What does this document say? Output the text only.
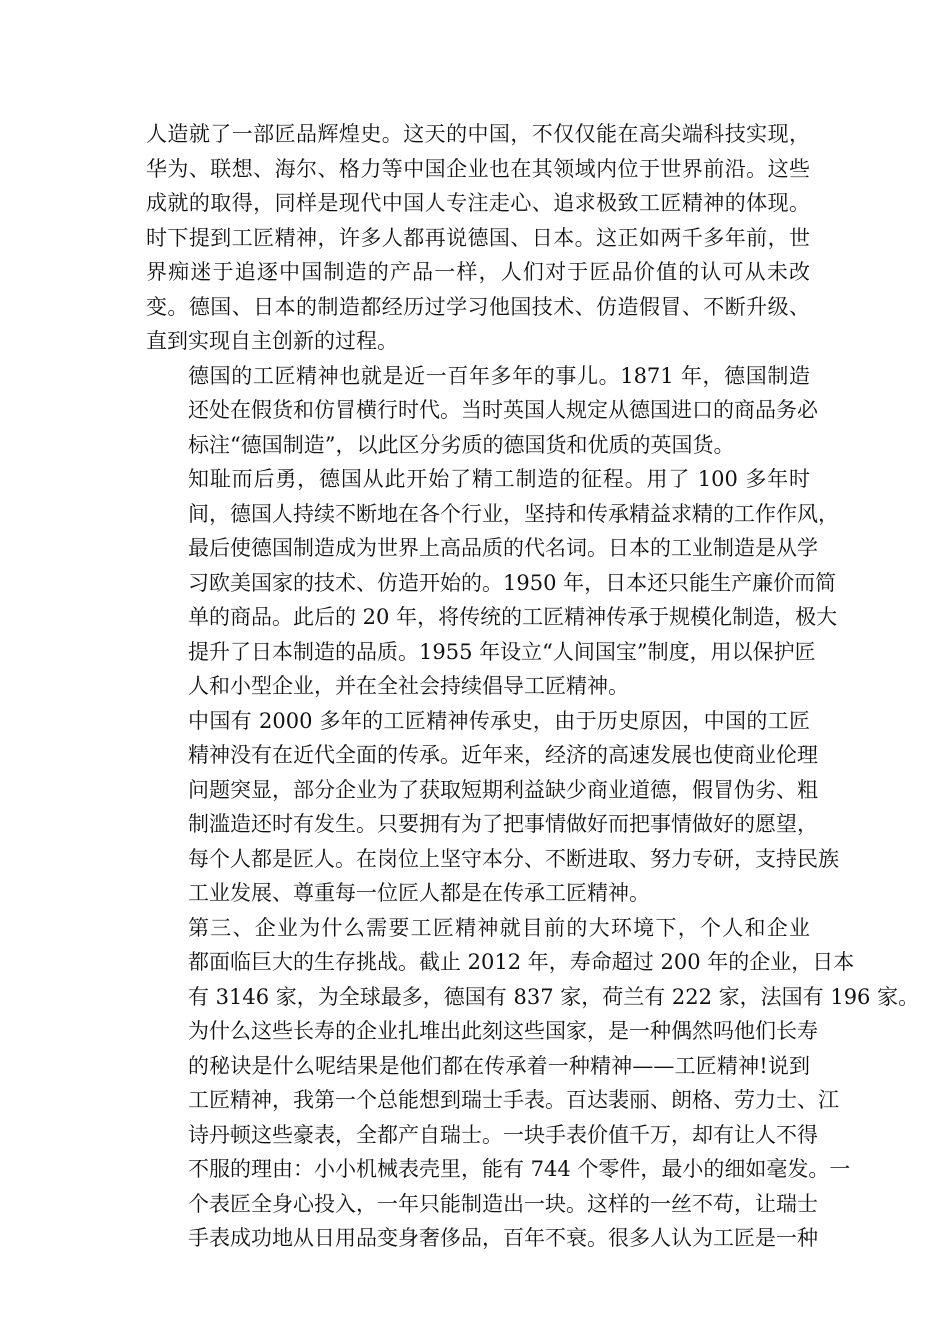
人造就了一部匠品辉煌史。这天的中国，不仅仅能在高尖端科技实现，
华为、联想、海尔、格力等中国企业也在其领域内位于世界前沿。这些
成就的取得，同样是现代中国人专注走心、追求极致工匠精神的体现。
时下提到工匠精神，许多人都再说德国、日本。这正如两千多年前，世
界痴迷于追逐中国制造的产品一样，人们对于匠品价值的认可从未改
变。德国、日本的制造都经历过学习他国技术、仿造假冒、不断升级、
直到实现自主创新的过程。

德国的工匠精神也就是近一百年多年的事儿。1871 年，德国制造
还处在假货和仿冒横行时代。当时英国人规定从德国进口的商品务必
标注“德国制造”，以此区分劣质的德国货和优质的英国货。

知耻而后勇，德国从此开始了精工制造的征程。用了 100 多年时
间，德国人持续不断地在各个行业，坚持和传承精益求精的工作作风，
最后使德国制造成为世界上高品质的代名词。日本的工业制造是从学
习欧美国家的技术、仿造开始的。1950 年，日本还只能生产廉价而简
单的商品。此后的 20 年，将传统的工匠精神传承于规模化制造，极大
提升了日本制造的品质。1955 年设立“人间国宝”制度，用以保护匠
人和小型企业，并在全社会持续倡导工匠精神。

中国有 2000 多年的工匠精神传承史，由于历史原因，中国的工匠
精神没有在近代全面的传承。近年来，经济的高速发展也使商业伦理
问题突显，部分企业为了获取短期利益缺少商业道德，假冒伪劣、粗
制滥造还时有发生。只要拥有为了把事情做好而把事情做好的愿望，
每个人都是匠人。在岗位上坚守本分、不断进取、努力专研，支持民族
工业发展、尊重每一位匠人都是在传承工匠精神。

第三、企业为什么需要工匠精神就目前的大环境下，个人和企业
都面临巨大的生存挑战。截止 2012 年，寿命超过 200 年的企业，日本
有 3146 家，为全球最多，德国有 837 家，荷兰有 222 家，法国有 196 家。
为什么这些长寿的企业扎堆出此刻这些国家，是一种偶然吗他们长寿
的秘诀是什么呢结果是他们都在传承着一种精神——工匠精神!说到
工匠精神，我第一个总能想到瑞士手表。百达裴丽、朗格、劳力士、江
诗丹顿这些豪表，全都产自瑞士。一块手表价值千万，却有让人不得
不服的理由：小小机械表壳里，能有 744 个零件，最小的细如毫发。一
个表匠全身心投入，一年只能制造出一块。这样的一丝不苟，让瑞士
手表成功地从日用品变身奢侈品，百年不衰。很多人认为工匠是一种
